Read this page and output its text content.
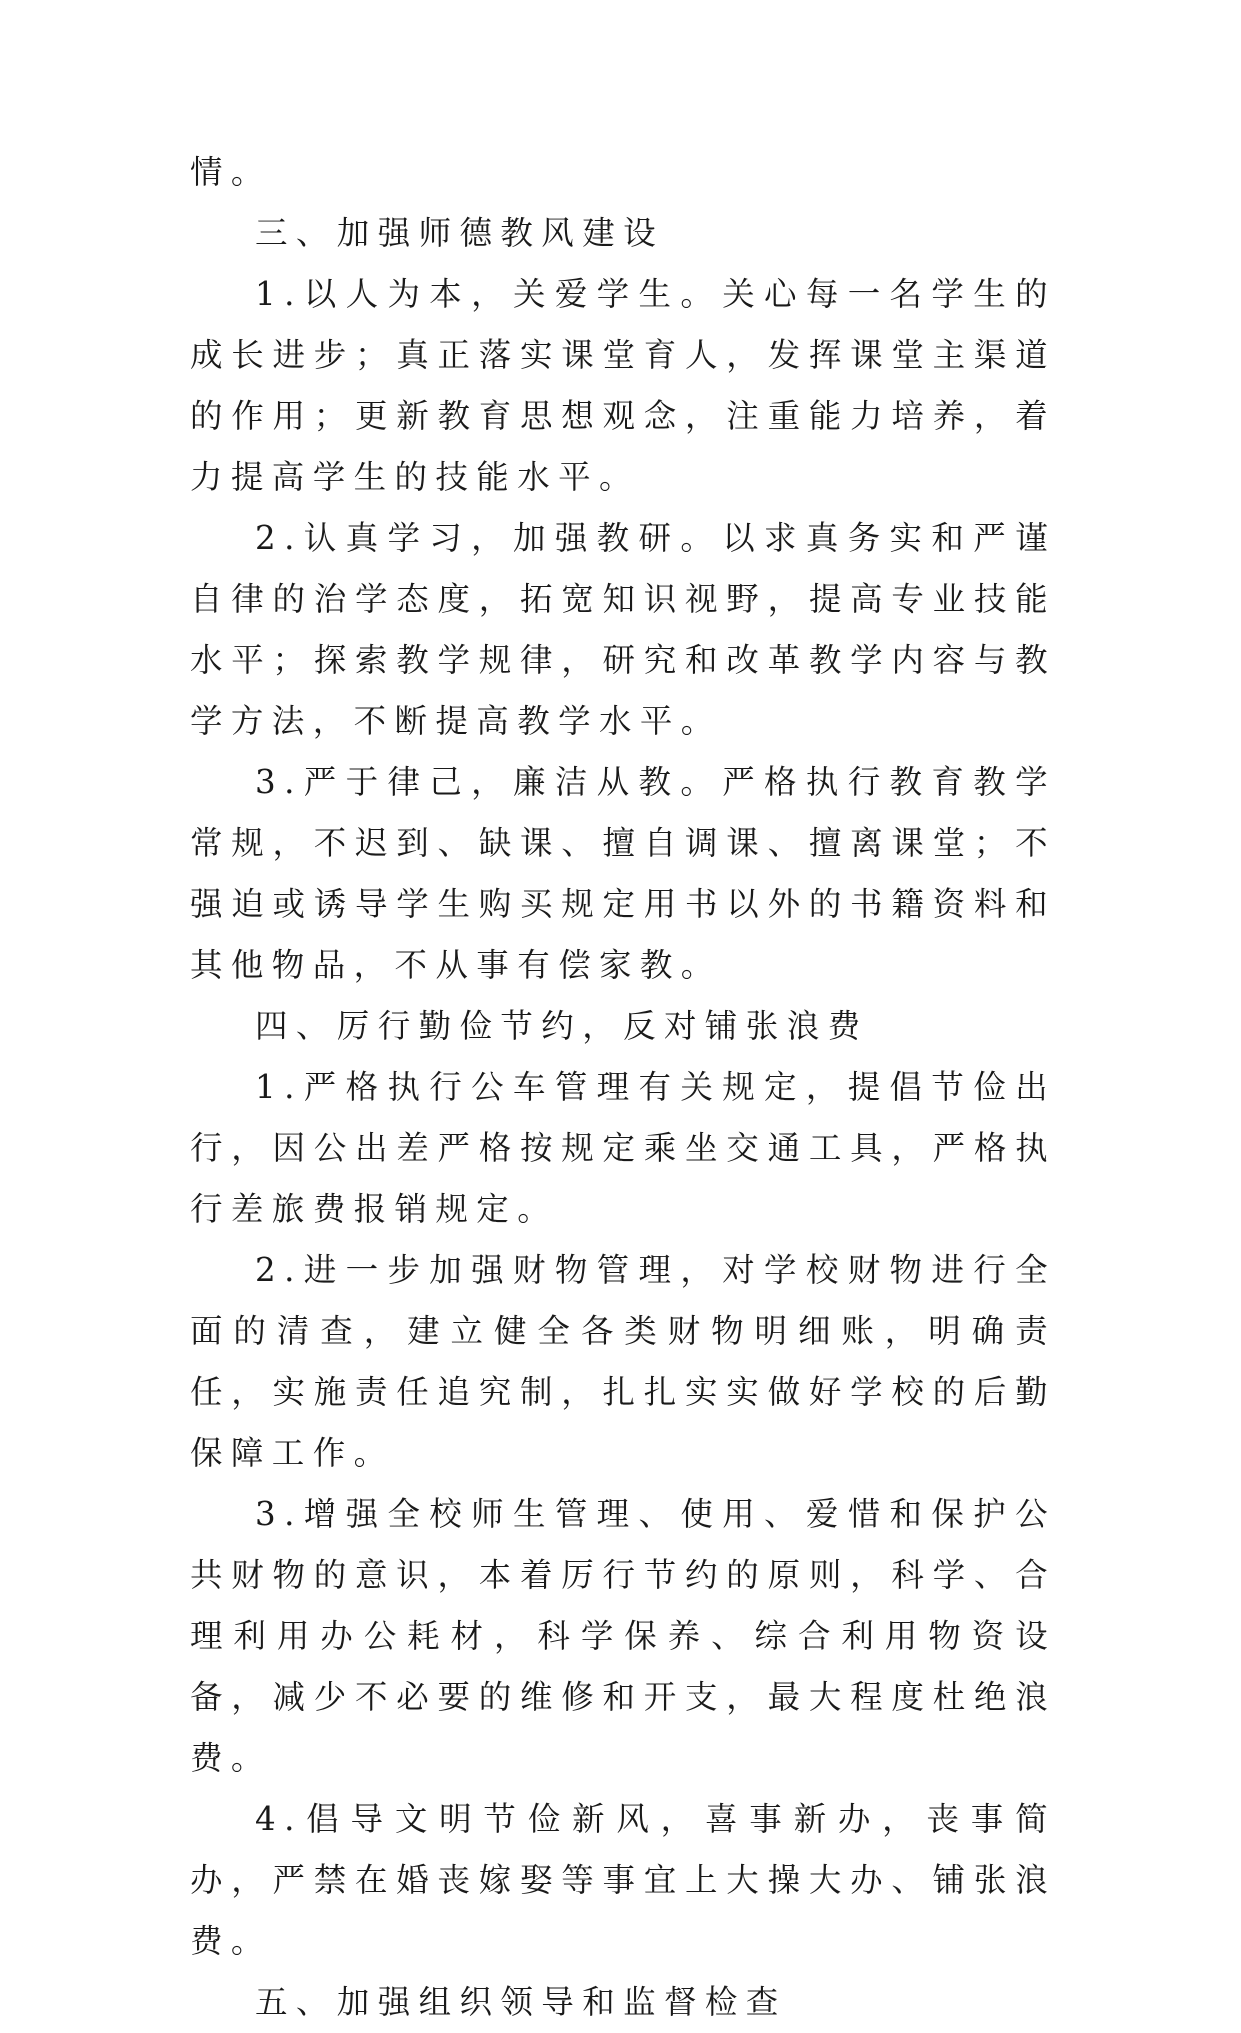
情。

三、加强师德教风建设

1.以人为本，关爱学生。关心每一名学生的成长进步；真正落实课堂育人，发挥课堂主渠道的作用；更新教育思想观念，注重能力培养，着力提高学生的技能水平。

2.认真学习，加强教研。以求真务实和严谨自律的治学态度，拓宽知识视野，提高专业技能水平；探索教学规律，研究和改革教学内容与教学方法，不断提高教学水平。

3.严于律己，廉洁从教。严格执行教育教学常规，不迟到、缺课、擅自调课、擅离课堂；不强迫或诱导学生购买规定用书以外的书籍资料和其他物品，不从事有偿家教。

四、厉行勤俭节约，反对铺张浪费

1.严格执行公车管理有关规定，提倡节俭出行，因公出差严格按规定乘坐交通工具，严格执行差旅费报销规定。

2.进一步加强财物管理，对学校财物进行全面的清查，建立健全各类财物明细账，明确责任，实施责任追究制，扎扎实实做好学校的后勤保障工作。

3.增强全校师生管理、使用、爱惜和保护公共财物的意识，本着厉行节约的原则，科学、合理利用办公耗材，科学保养、综合利用物资设备，减少不必要的维修和开支，最大程度杜绝浪费。

4.倡导文明节俭新风，喜事新办，丧事简办，严禁在婚丧嫁娶等事宜上大操大办、铺张浪费。

五、加强组织领导和监督检查
